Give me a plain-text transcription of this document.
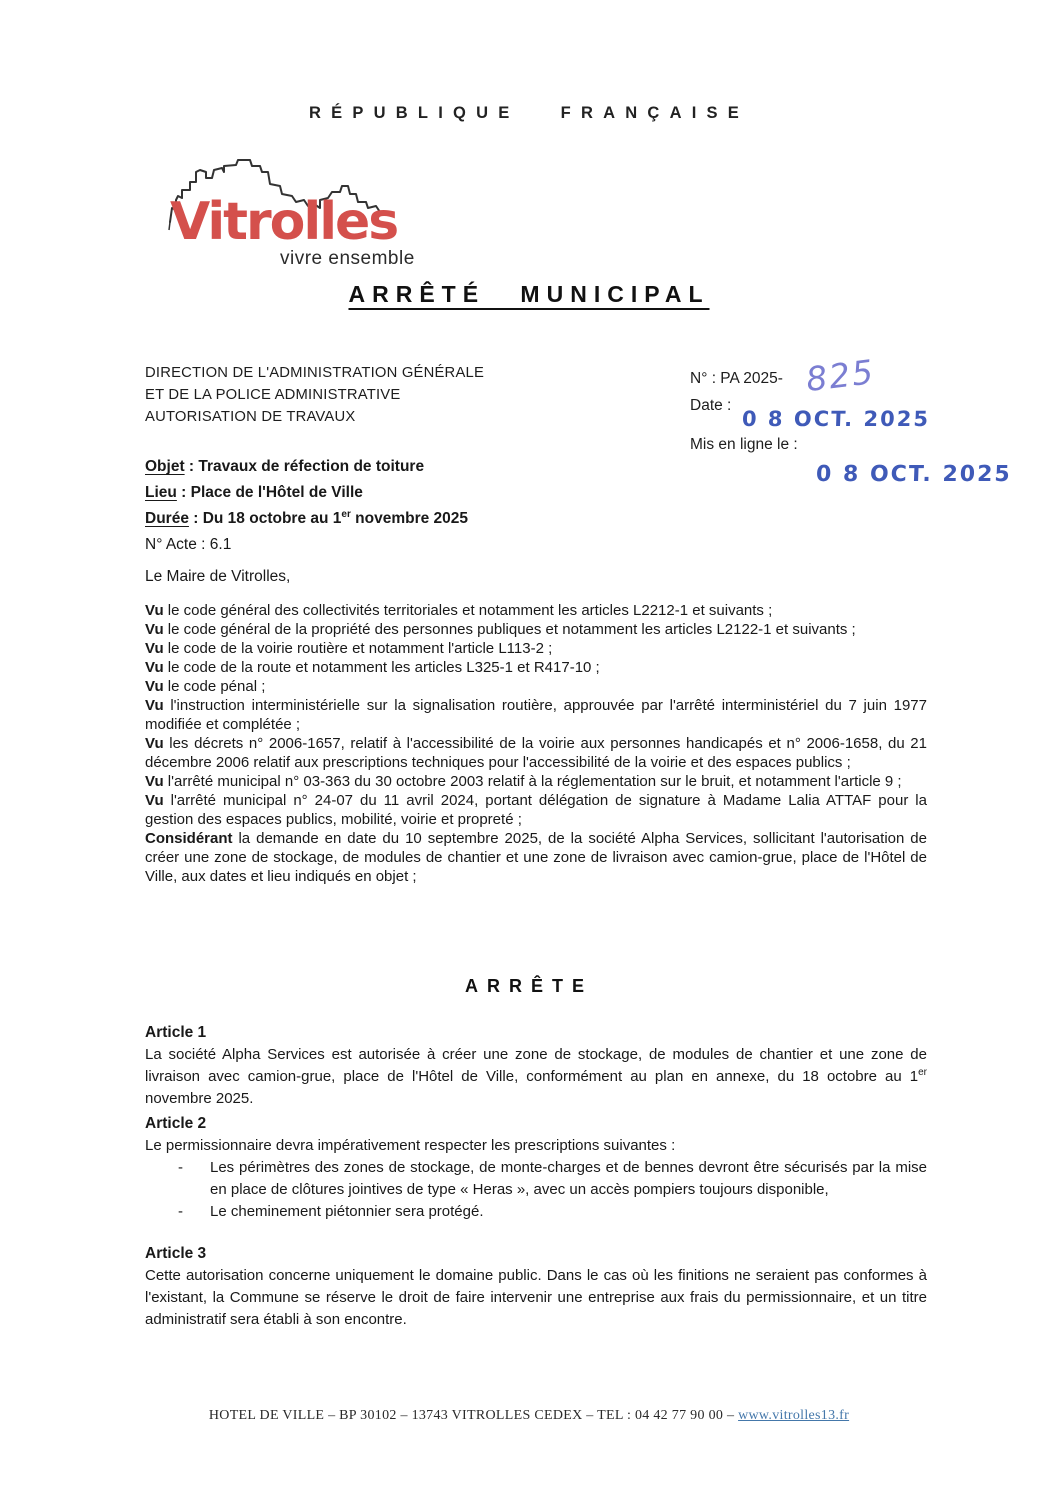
RÉPUBLIQUE FRANÇAISE
Vitrolles
vivre ensemble
ARRÊTÉ MUNICIPAL
DIRECTION DE L'ADMINISTRATION GÉNÉRALE
ET DE LA POLICE ADMINISTRATIVE
AUTORISATION DE TRAVAUX
N° : PA 2025- 825
Date :
0 8 OCT. 2025
Mis en ligne le :
0 8 OCT. 2025
Objet : Travaux de réfection de toiture
Lieu : Place de l'Hôtel de Ville
Durée : Du 18 octobre au 1er novembre 2025
N° Acte : 6.1
Le Maire de Vitrolles,

Vu le code général des collectivités territoriales et notamment les articles L2212-1 et suivants ;

Vu le code général de la propriété des personnes publiques et notamment les articles L2122-1 et suivants ;

Vu le code de la voirie routière et notamment l'article L113-2 ;

Vu le code de la route et notamment les articles L325-1 et R417-10 ;

Vu le code pénal ;

Vu l'instruction interministérielle sur la signalisation routière, approuvée par l'arrêté interministériel du 7 juin 1977 modifiée et complétée ;

Vu les décrets n° 2006-1657, relatif à l'accessibilité de la voirie aux personnes handicapés et n° 2006-1658, du 21 décembre 2006 relatif aux prescriptions techniques pour l'accessibilité de la voirie et des espaces publics ;

Vu l'arrêté municipal n° 03-363 du 30 octobre 2003 relatif à la réglementation sur le bruit, et notamment l'article 9 ;

Vu l'arrêté municipal n° 24-07 du 11 avril 2024, portant délégation de signature à Madame Lalia ATTAF pour la gestion des espaces publics, mobilité, voirie et propreté ;

Considérant la demande en date du 10 septembre 2025, de la société Alpha Services, sollicitant l'autorisation de créer une zone de stockage, de modules de chantier et une zone de livraison avec camion-grue, place de l'Hôtel de Ville, aux dates et lieu indiqués en objet ;

ARRÊTE
Article 1

La société Alpha Services est autorisée à créer une zone de stockage, de modules de chantier et une zone de livraison avec camion-grue, place de l'Hôtel de Ville, conformément au plan en annexe, du 18 octobre au 1er novembre 2025.

Article 2

Le permissionnaire devra impérativement respecter les prescriptions suivantes :

- Les périmètres des zones de stockage, de monte-charges et de bennes devront être sécurisés par la mise en place de clôtures jointives de type « Heras », avec un accès pompiers toujours disponible,
- Le cheminement piétonnier sera protégé.
Article 3

Cette autorisation concerne uniquement le domaine public. Dans le cas où les finitions ne seraient pas conformes à l'existant, la Commune se réserve le droit de faire intervenir une entreprise aux frais du permissionnaire, et un titre administratif sera établi à son encontre.

HOTEL DE VILLE – BP 30102 – 13743 VITROLLES CEDEX – TEL : 04 42 77 90 00 – www.vitrolles13.fr
